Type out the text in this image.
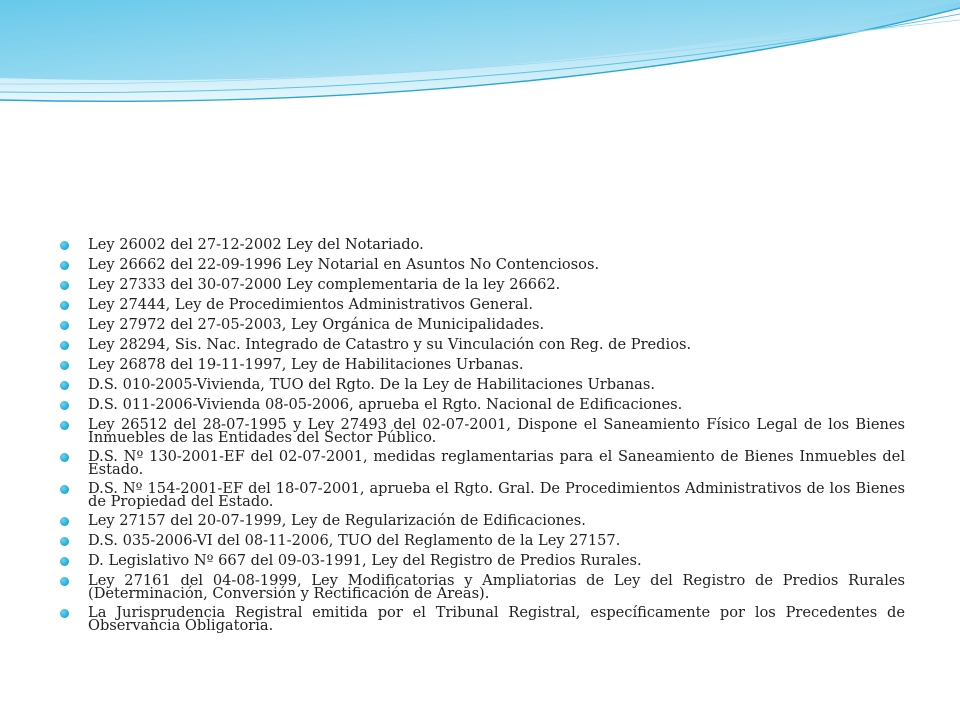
Ley 26002 del 27-12-2002 Ley del Notariado.
Ley 26662 del 22-09-1996 Ley Notarial en Asuntos No Contenciosos.
Ley 27333 del 30-07-2000 Ley complementaria de la ley 26662.
Ley 27444, Ley de Procedimientos Administrativos General.
Ley 27972 del 27-05-2003, Ley Orgánica de Municipalidades.
Ley 28294, Sis. Nac. Integrado de Catastro y su Vinculación con Reg. de Predios.
Ley 26878 del 19-11-1997, Ley de Habilitaciones Urbanas.
D.S. 010-2005-Vivienda, TUO del Rgto. De la Ley de Habilitaciones Urbanas.
D.S. 011-2006-Vivienda 08-05-2006, aprueba el Rgto. Nacional de Edificaciones.
Ley 26512 del 28-07-1995 y Ley 27493 del 02-07-2001, Dispone el Saneamiento Físico Legal de los Bienes Inmuebles de las Entidades del Sector Público.
D.S. Nº 130-2001-EF del 02-07-2001, medidas reglamentarias para el Saneamiento de Bienes Inmuebles del Estado.
D.S. Nº 154-2001-EF del 18-07-2001, aprueba el Rgto. Gral. De Procedimientos Administrativos de los Bienes de Propiedad del Estado.
Ley 27157 del 20-07-1999, Ley de Regularización de Edificaciones.
D.S. 035-2006-VI del 08-11-2006, TUO del Reglamento de la Ley 27157.
D. Legislativo Nº 667 del 09-03-1991, Ley del Registro de Predios Rurales.
Ley 27161 del 04-08-1999, Ley Modificatorias y Ampliatorias de Ley del Registro de Predios Rurales (Determinación, Conversión y Rectificación de Areas).
La Jurisprudencia Registral emitida por el Tribunal Registral, específicamente por los Precedentes de Observancia Obligatoria.
